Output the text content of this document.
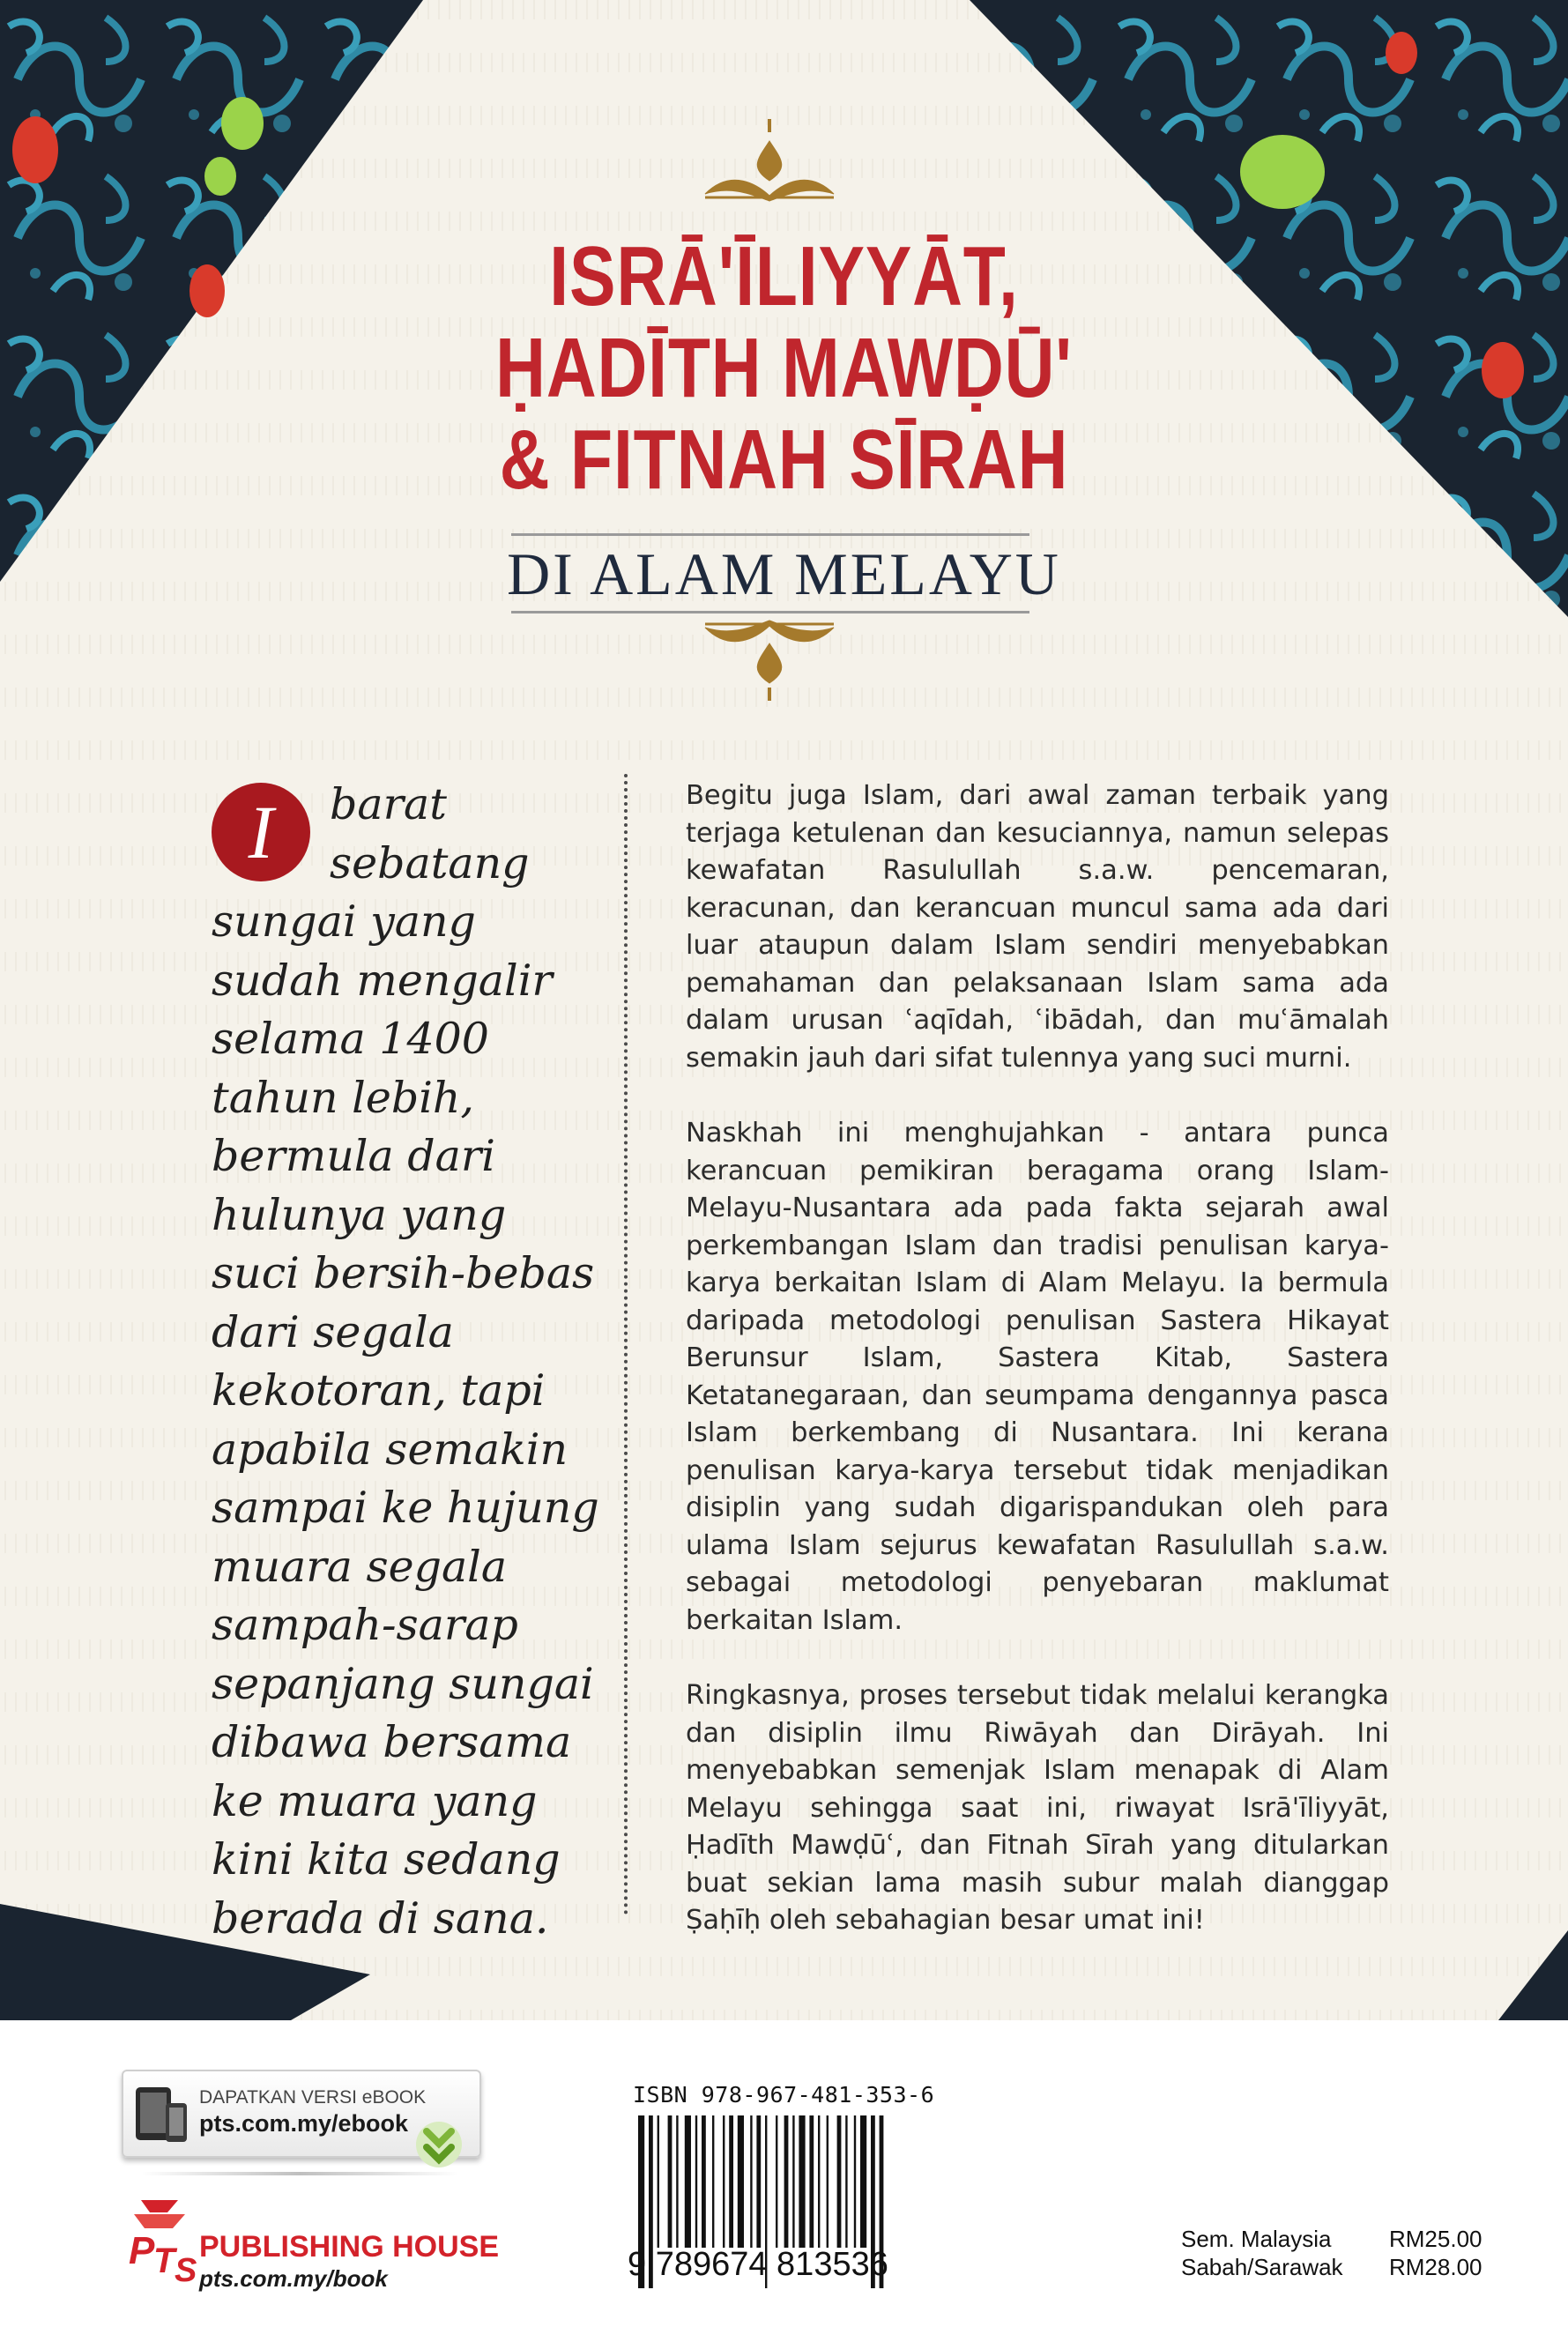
ISRĀ'ĪLIYYĀT,
ḤADĪTH MAWḌŪ'
& FITNAH SĪRAH
DI ALAM MELAYU
I	barat sebatang sungai yang sudah mengalir selama 1400 tahun lebih, bermula dari hulunya yang suci bersih-bebas dari segala kekotoran, tapi apabila semakin sampai ke hujung muara segala sampah-sarap sepanjang sungai dibawa bersama ke muara yang kini kita sedang berada di sana.

Begitu juga Islam, dari awal zaman terbaik yang terjaga ketulenan dan kesuciannya, namun selepas kewafatan Rasulullah s.a.w. pencemaran, keracunan, dan kerancuan muncul sama ada dari luar ataupun dalam Islam sendiri menyebabkan pemahaman dan pelaksanaan Islam sama ada dalam urusan ʿaqīdah, ʿibādah, dan muʿāmalah semakin jauh dari sifat tulennya yang suci murni.

Naskhah ini menghujahkan - antara punca kerancuan pemikiran beragama orang Islam-Melayu-Nusantara ada pada fakta sejarah awal perkembangan Islam dan tradisi penulisan karya-karya berkaitan Islam di Alam Melayu. Ia bermula daripada metodologi penulisan Sastera Hikayat Berunsur Islam, Sastera Kitab, Sastera Ketatanegaraan, dan seumpama dengannya pasca Islam berkembang di Nusantara. Ini kerana penulisan karya-karya tersebut tidak menjadikan disiplin yang sudah digarispandukan oleh para ulama Islam sejurus kewafatan Rasulullah s.a.w. sebagai metodologi penyebaran maklumat berkaitan Islam.

Ringkasnya, proses tersebut tidak melalui kerangka dan disiplin ilmu Riwāyah dan Dirāyah. Ini menyebabkan semenjak Islam menapak di Alam Melayu sehingga saat ini, riwayat Isrā'īliyyāt, Ḥadīth Mawḍūʿ, dan Fitnah Sīrah yang ditularkan buat sekian lama masih subur malah dianggap Ṣaḥīḥ oleh sebahagian besar umat ini!

DAPATKAN VERSI eBOOK
pts.com.my/ebook
P
T S
PUBLISHING HOUSE
pts.com.my/book
ISBN 978-967-481-353-6
9 789674 813536
Sem. Malaysia	RM25.00
Sabah/Sarawak	RM28.00
